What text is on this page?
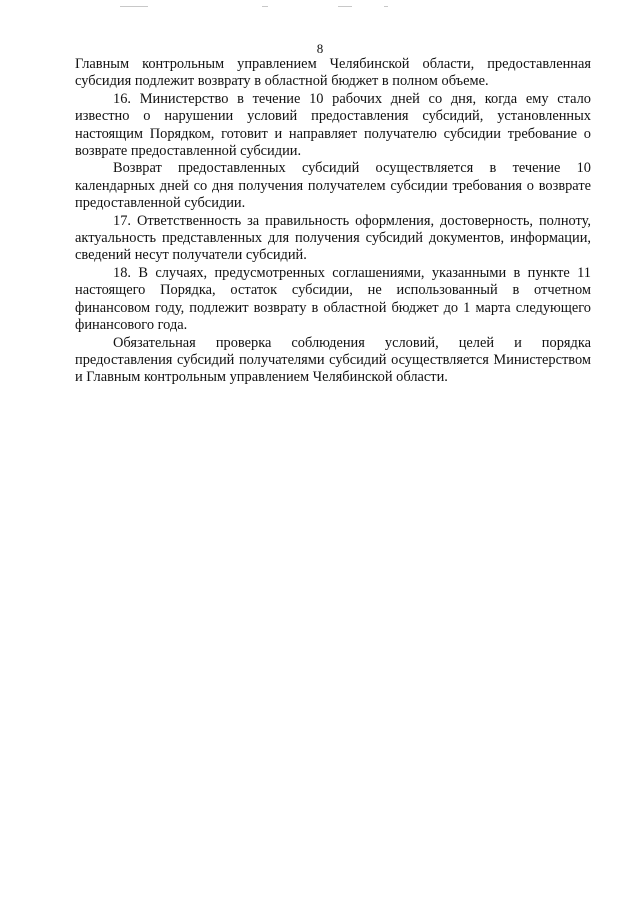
8

Главным контрольным управлением Челябинской области, предоставленная субсидия подлежит возврату в областной бюджет в полном объеме.

16. Министерство в течение 10 рабочих дней со дня, когда ему стало известно о нарушении условий предоставления субсидий, установленных настоящим Порядком, готовит и направляет получателю субсидии требование о возврате предоставленной субсидии.

Возврат предоставленных субсидий осуществляется в течение 10 календарных дней со дня получения получателем субсидии требования о возврате предоставленной субсидии.

17. Ответственность за правильность оформления, достоверность, полноту, актуальность представленных для получения субсидий документов, информации, сведений несут получатели субсидий.

18. В случаях, предусмотренных соглашениями, указанными в пункте 11 настоящего Порядка, остаток субсидии, не использованный в отчетном финансовом году, подлежит возврату в областной бюджет до 1 марта следующего финансового года.

Обязательная проверка соблюдения условий, целей и порядка предоставления субсидий получателями субсидий осуществляется Министерством и Главным контрольным управлением Челябинской области.
